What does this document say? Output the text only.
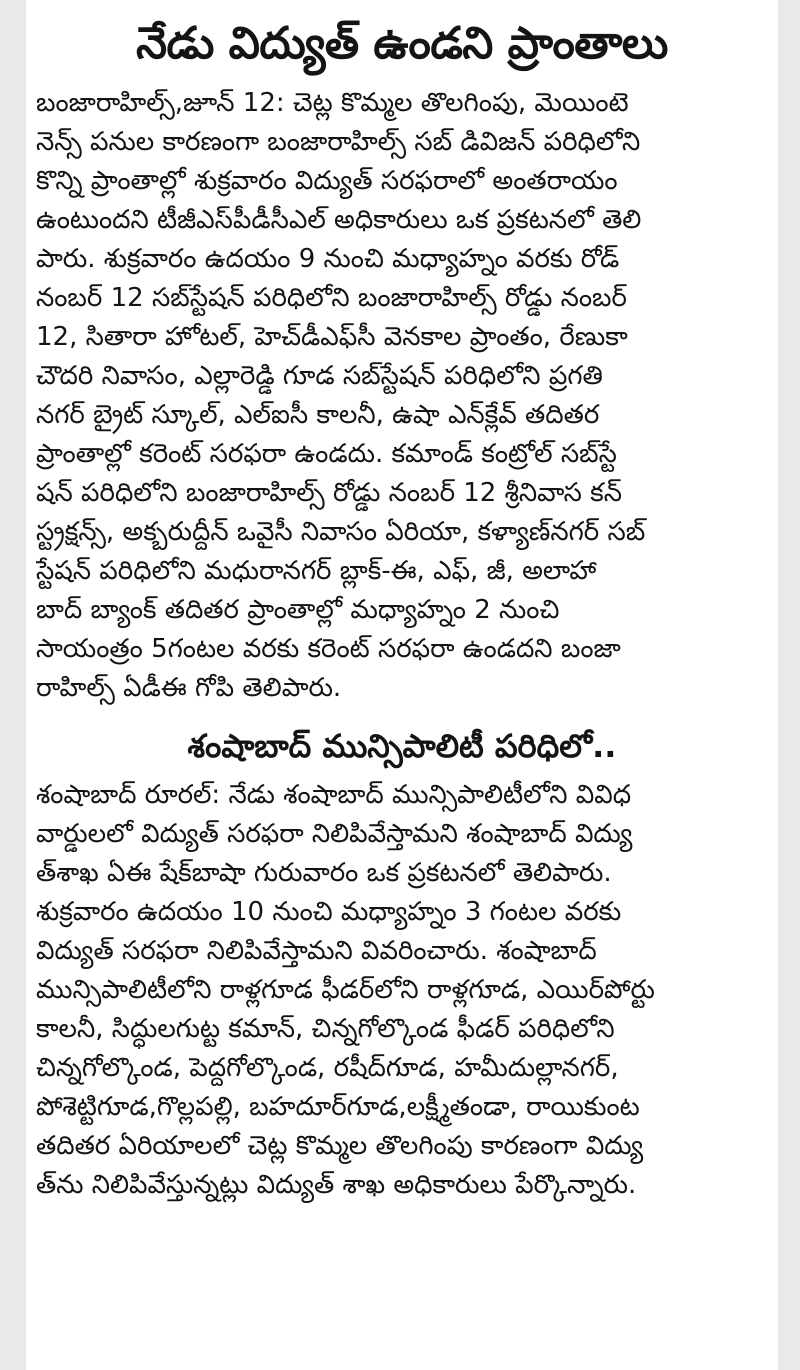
నేడు విద్యుత్ ఉండని ప్రాంతాలు
బంజారాహిల్స్,జూన్ 12: చెట్ల కొమ్మల తొలగింపు, మెయింటె
నెన్స్ పనుల కారణంగా బంజారాహిల్స్ సబ్ డివిజన్ పరిధిలోని
కొన్ని ప్రాంతాల్లో శుక్రవారం విద్యుత్ సరఫరాలో అంతరాయం
ఉంటుందని టీజీఎస్‌పీడీసీఎల్ అధికారులు ఒక ప్రకటనలో తెలి
పారు. శుక్రవారం ఉదయం 9 నుంచి మధ్యాహ్నం వరకు రోడ్
నంబర్ 12 సబ్‌స్టేషన్ పరిధిలోని బంజారాహిల్స్ రోడ్డు నంబర్
12, సితారా హోటల్, హెచ్‌డీఎఫ్‌సీ వెనకాల ప్రాంతం, రేణుకా
చౌదరి నివాసం, ఎల్లారెడ్డి గూడ సబ్‌స్టేషన్ పరిధిలోని ప్రగతి
నగర్ బ్రైట్ స్కూల్, ఎల్ఐసీ కాలనీ, ఉషా ఎన్‌క్లేవ్ తదితర
ప్రాంతాల్లో కరెంట్ సరఫరా ఉండదు. కమాండ్ కంట్రోల్ సబ్‌స్టే
షన్ పరిధిలోని బంజారాహిల్స్ రోడ్డు నంబర్ 12 శ్రీనివాస కన్
స్ట్రక్షన్స్, అక్బరుద్దీన్ ఒవైసీ నివాసం ఏరియా, కళ్యాణ్‌నగర్ సబ్
స్టేషన్ పరిధిలోని మధురానగర్ బ్లాక్-ఈ, ఎఫ్, జీ, అలాహా
బాద్ బ్యాంక్ తదితర ప్రాంతాల్లో మధ్యాహ్నం 2 నుంచి
సాయంత్రం 5గంటల వరకు కరెంట్ సరఫరా ఉండదని బంజా
రాహిల్స్ ఏడీఈ గోపి తెలిపారు.
శంషాబాద్ మున్సిపాలిటీ పరిధిలో..
శంషాబాద్ రూరల్: నేడు శంషాబాద్ మున్సిపాలిటీలోని వివిధ
వార్డులలో విద్యుత్ సరఫరా నిలిపివేస్తామని శంషాబాద్ విద్యు
త్‌శాఖ ఏఈ షేక్‌బాషా గురువారం ఒక ప్రకటనలో తెలిపారు.
శుక్రవారం ఉదయం 10 నుంచి మధ్యాహ్నం 3 గంటల వరకు
విద్యుత్ సరఫరా నిలిపివేస్తామని వివరించారు. శంషాబాద్
మున్సిపాలిటీలోని రాళ్లగూడ ఫీడర్‌లోని రాళ్లగూడ, ఎయిర్‌పోర్టు
కాలనీ, సిద్ధులగుట్ట కమాన్, చిన్నగోల్కొండ ఫీడర్ పరిధిలోని
చిన్నగోల్కొండ, పెద్దగోల్కొండ, రషీద్‌గూడ, హమీదుల్లానగర్,
పోశెట్టిగూడ,గొల్లపల్లి, బహదూర్‌గూడ,లక్ష్మీతండా, రాయికుంట
తదితర ఏరియాలలో చెట్ల కొమ్మల తొలగింపు కారణంగా విద్యు
త్‌ను నిలిపివేస్తున్నట్లు విద్యుత్ శాఖ అధికారులు పేర్కొన్నారు.
